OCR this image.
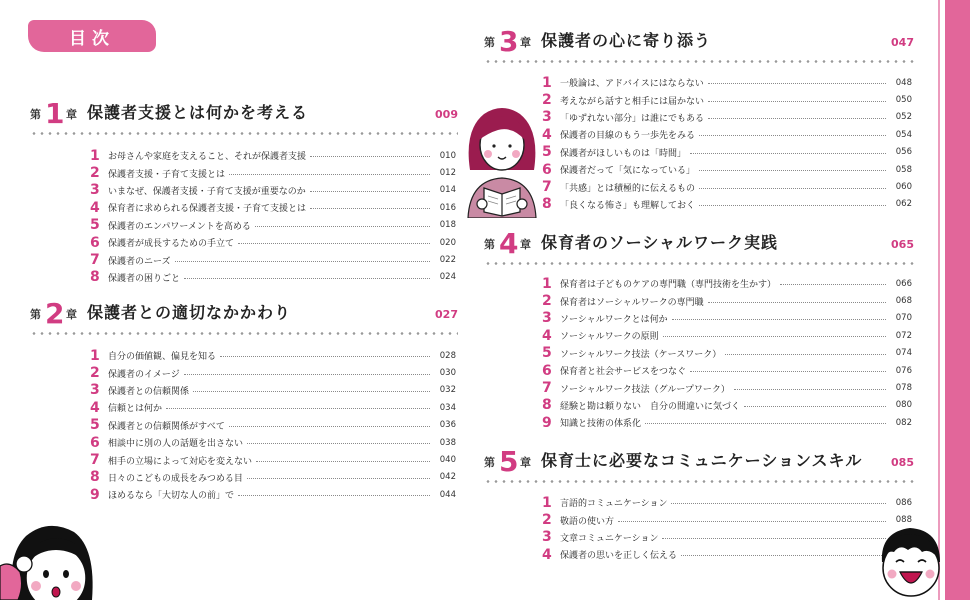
目次
第 1 章 保護者支援とは何かを考える	009
1 お母さんや家庭を支えること、それが保護者支援	010
2 保護者支援・子育て支援とは	012
3 いまなぜ、保護者支援・子育て支援が重要なのか	014
4 保育者に求められる保護者支援・子育て支援とは	016
5 保護者のエンパワーメントを高める	018
6 保護者が成長するための手立て	020
7 保護者のニーズ	022
8 保護者の困りごと	024
第 2 章 保護者との適切なかかわり	027
1 自分の価値観、偏見を知る	028
2 保護者のイメージ	030
3 保護者との信頼関係	032
4 信頼とは何か	034
5 保護者との信頼関係がすべて	036
6 相談中に別の人の話題を出さない	038
7 相手の立場によって対応を変えない	040
8 日々のこどもの成長をみつめる目	042
9 ほめるなら「大切な人の前」で	044
第 3 章 保護者の心に寄り添う	047
1 一般論は、アドバイスにはならない	048
2 考えながら話すと相手には届かない	050
3 「ゆずれない部分」は誰にでもある	052
4 保護者の目線のもう一歩先をみる	054
5 保護者がほしいものは「時間」	056
6 保護者だって「気になっている」	058
7 「共感」とは積極的に伝えるもの	060
8 「良くなる怖さ」も理解しておく	062
第 4 章 保育者のソーシャルワーク実践	065
1 保育者は子どものケアの専門職（専門技術を生かす）	066
2 保育者はソーシャルワークの専門職	068
3 ソーシャルワークとは何か	070
4 ソーシャルワークの原則	072
5 ソーシャルワーク技法（ケースワーク）	074
6 保育者と社会サービスをつなぐ	076
7 ソーシャルワーク技法（グループワーク）	078
8 経験と勘は頼りない　自分の間違いに気づく	080
9 知識と技術の体系化	082
第 5 章 保育士に必要なコミュニケーションスキル	085
1 言語的コミュニケーション	086
2 敬語の使い方	088
3 文章コミュニケーション
4 保護者の思いを正しく伝える
